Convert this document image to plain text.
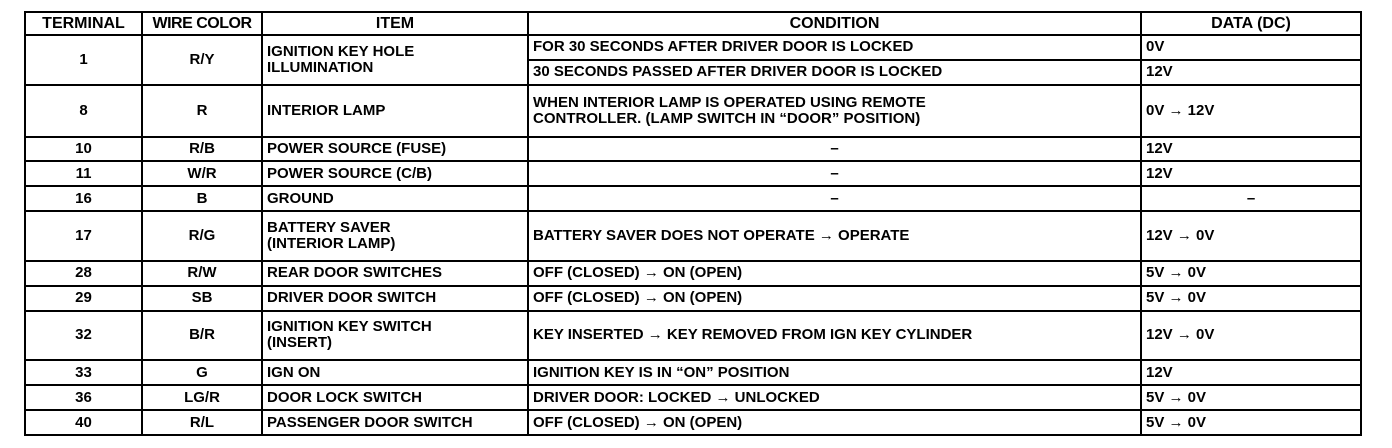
TERMINAL	WIRE COLOR	ITEM	CONDITION	DATA (DC)
1	R/Y	IGNITION KEY HOLE
ILLUMINATION	FOR 30 SECONDS AFTER DRIVER DOOR IS LOCKED	0V
			30 SECONDS PASSED AFTER DRIVER DOOR IS LOCKED	12V
8	R	INTERIOR LAMP	WHEN INTERIOR LAMP IS OPERATED USING REMOTE
CONTROLLER. (LAMP SWITCH IN “DOOR” POSITION)	0V → 12V
10	R/B	POWER SOURCE (FUSE)	–	12V
11	W/R	POWER SOURCE (C/B)	–	12V
16	B	GROUND	–	–
17	R/G	BATTERY SAVER
(INTERIOR LAMP)	BATTERY SAVER DOES NOT OPERATE → OPERATE	12V → 0V
28	R/W	REAR DOOR SWITCHES	OFF (CLOSED) → ON (OPEN)	5V → 0V
29	SB	DRIVER DOOR SWITCH	OFF (CLOSED) → ON (OPEN)	5V → 0V
32	B/R	IGNITION KEY SWITCH
(INSERT)	KEY INSERTED → KEY REMOVED FROM IGN KEY CYLINDER	12V → 0V
33	G	IGN ON	IGNITION KEY IS IN “ON” POSITION	12V
36	LG/R	DOOR LOCK SWITCH	DRIVER DOOR: LOCKED → UNLOCKED	5V → 0V
40	R/L	PASSENGER DOOR SWITCH	OFF (CLOSED) → ON (OPEN)	5V → 0V
